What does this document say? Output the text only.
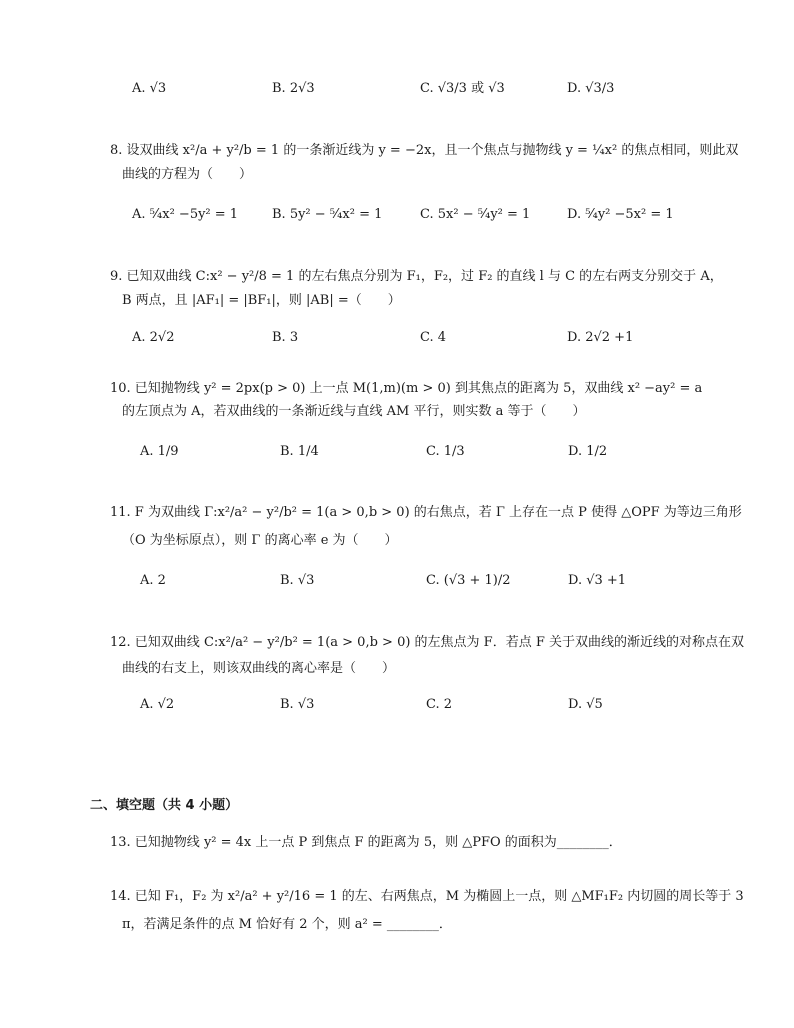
A. √3	B. 2√3	C. √3/3 或 √3	D. √3/3
8. 设双曲线 x²/a + y²/b = 1 的一条渐近线为 y = −2x，且一个焦点与抛物线 y = ¼x² 的焦点相同，则此双
曲线的方程为（　　）
A. ⁵⁄₄x² −5y² = 1	B. 5y² − ⁵⁄₄x² = 1	C. 5x² − ⁵⁄₄y² = 1	D. ⁵⁄₄y² −5x² = 1
9. 已知双曲线 C:x² − y²/8 = 1 的左右焦点分别为 F₁，F₂，过 F₂ 的直线 l 与 C 的左右两支分别交于 A，
B 两点，且 |AF₁| = |BF₁|，则 |AB| =（　　）
A. 2√2	B. 3	C. 4	D. 2√2 +1
10. 已知抛物线 y² = 2px(p > 0) 上一点 M(1,m)(m > 0) 到其焦点的距离为 5，双曲线 x² −ay² = a
的左顶点为 A，若双曲线的一条渐近线与直线 AM 平行，则实数 a 等于（　　）
A. 1/9	B. 1/4	C. 1/3	D. 1/2
11. F 为双曲线 Γ:x²/a² − y²/b² = 1(a > 0,b > 0) 的右焦点，若 Γ 上存在一点 P 使得 △OPF 为等边三角形
（O 为坐标原点），则 Γ 的离心率 e 为（　　）
A. 2	B. √3	C. (√3 + 1)/2	D. √3 +1
12. 已知双曲线 C:x²/a² − y²/b² = 1(a > 0,b > 0) 的左焦点为 F．若点 F 关于双曲线的渐近线的对称点在双
曲线的右支上，则该双曲线的离心率是（　　）
A. √2	B. √3	C. 2	D. √5
二、填空题（共 4 小题）
13. 已知抛物线 y² = 4x 上一点 P 到焦点 F 的距离为 5，则 △PFO 的面积为________．
14. 已知 F₁，F₂ 为 x²/a² + y²/16 = 1 的左、右两焦点，M 为椭圆上一点，则 △MF₁F₂ 内切圆的周长等于 3
π，若满足条件的点 M 恰好有 2 个，则 a² = ________．
